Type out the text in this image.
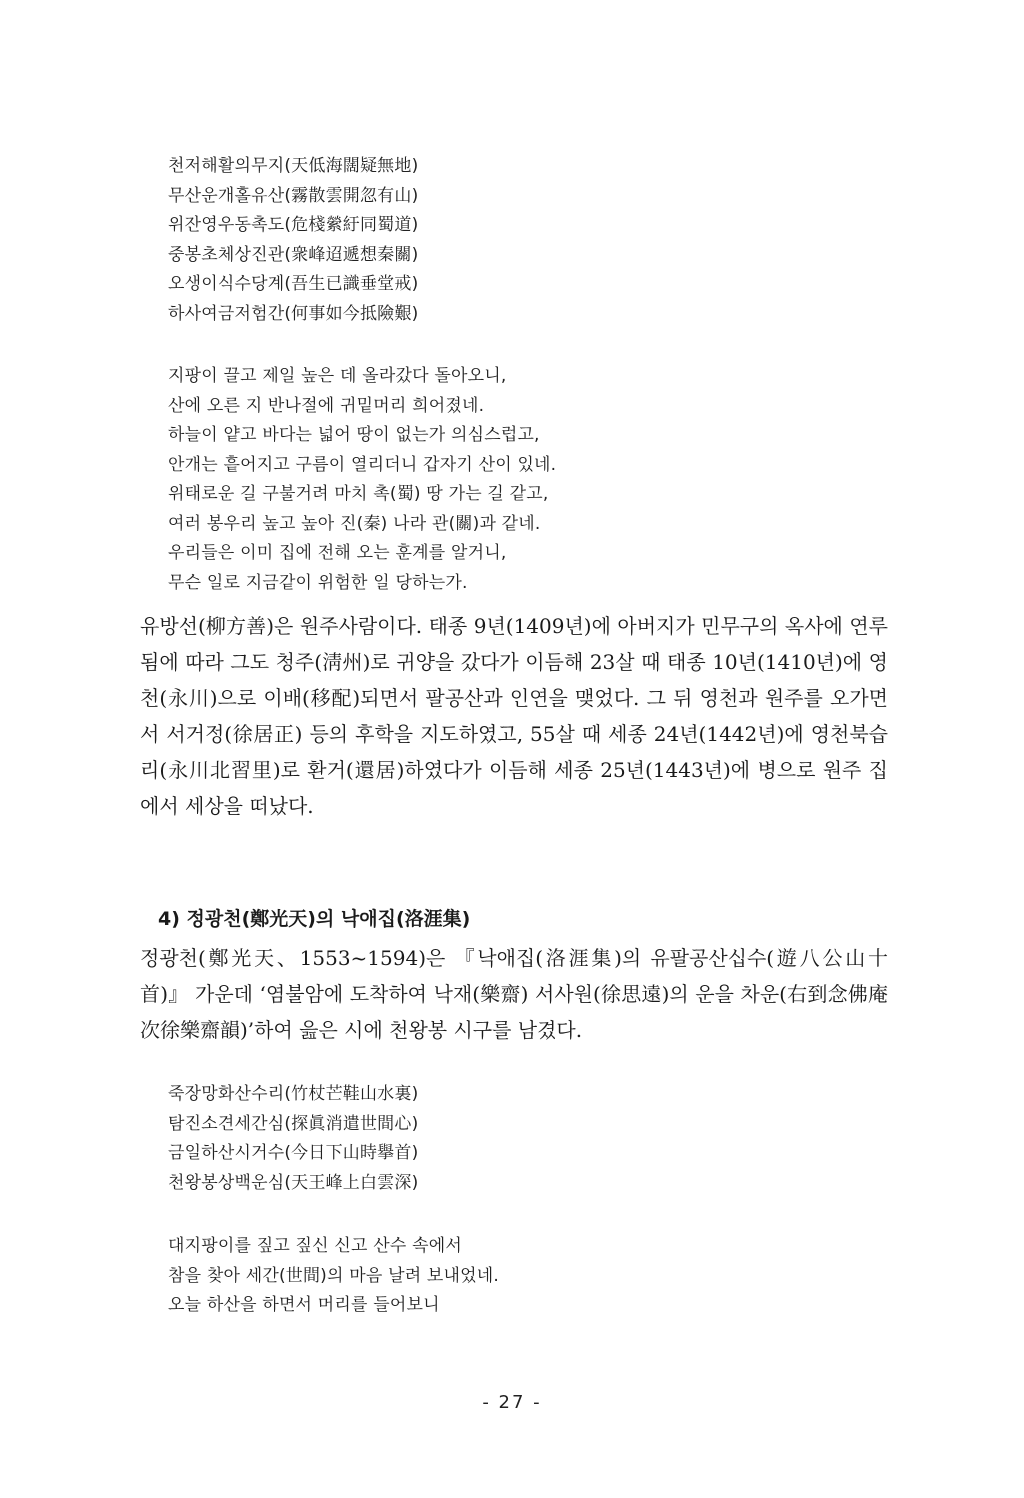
천저해활의무지(天低海闊疑無地)
무산운개홀유산(霧散雲開忽有山)
위잔영우동촉도(危棧縈紆同蜀道)
중봉초체상진관(衆峰迢遞想秦關)
오생이식수당계(吾生已識垂堂戒)
하사여금저험간(何事如今抵險艱)
지팡이 끌고 제일 높은 데 올라갔다 돌아오니,
산에 오른 지 반나절에 귀밑머리 희어졌네.
하늘이 얕고 바다는 넓어 땅이 없는가 의심스럽고,
안개는 흩어지고 구름이 열리더니 갑자기 산이 있네.
위태로운 길 구불거려 마치 촉(蜀) 땅 가는 길 같고,
여러 봉우리 높고 높아 진(秦) 나라 관(關)과 같네.
우리들은 이미 집에 전해 오는 훈계를 알거니,
무슨 일로 지금같이 위험한 일 당하는가.

유방선(柳方善)은 원주사람이다. 태종 9년(1409년)에 아버지가 민무구의 옥사에 연루됨에 따라 그도 청주(淸州)로 귀양을 갔다가 이듬해 23살 때 태종 10년(1410년)에 영천(永川)으로 이배(移配)되면서 팔공산과 인연을 맺었다. 그 뒤 영천과 원주를 오가면서 서거정(徐居正) 등의 후학을 지도하였고, 55살 때 세종 24년(1442년)에 영천북습리(永川北習里)로 환거(還居)하였다가 이듬해 세종 25년(1443년)에 병으로 원주 집에서 세상을 떠났다.

4) 정광천(鄭光天)의 낙애집(洛涯集)

정광천(鄭光天、1553~1594)은 『낙애집(洛涯集)의 유팔공산십수(遊八公山十首)』 가운데 ‘염불암에 도착하여 낙재(樂齋) 서사원(徐思遠)의 운을 차운(右到念佛庵次徐樂齋韻)’하여 읊은 시에 천왕봉 시구를 남겼다.

죽장망화산수리(竹杖芒鞋山水裏)
탐진소견세간심(探眞消遣世間心)
금일하산시거수(今日下山時擧首)
천왕봉상백운심(天王峰上白雲深)
대지팡이를 짚고 짚신 신고 산수 속에서
참을 찾아 세간(世間)의 마음 날려 보내었네.
오늘 하산을 하면서 머리를 들어보니
- 27 -
